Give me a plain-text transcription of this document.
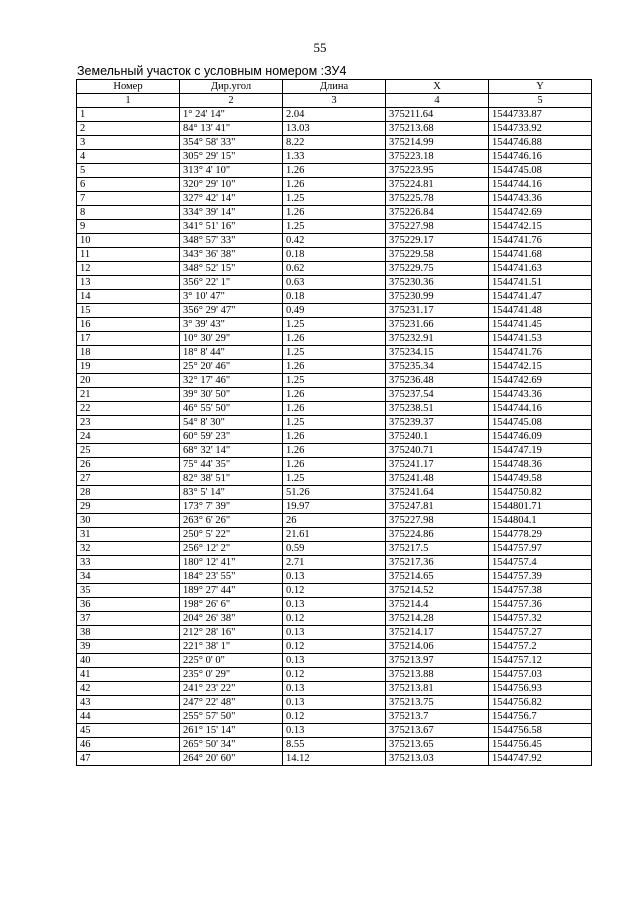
55
Земельный участок с условным номером :ЗУ4
Номер	Дир.угол	Длина	X	Y
1	2	3	4	5
1	1° 24' 14"	2.04	375211.64	1544733.87
2	84° 13' 41"	13.03	375213.68	1544733.92
3	354° 58' 33"	8.22	375214.99	1544746.88
4	305° 29' 15"	1.33	375223.18	1544746.16
5	313° 4' 10"	1.26	375223.95	1544745.08
6	320° 29' 10"	1.26	375224.81	1544744.16
7	327° 42' 14"	1.25	375225.78	1544743.36
8	334° 39' 14"	1.26	375226.84	1544742.69
9	341° 51' 16"	1.25	375227.98	1544742.15
10	348° 57' 33"	0.42	375229.17	1544741.76
11	343° 36' 38"	0.18	375229.58	1544741.68
12	348° 52' 15"	0.62	375229.75	1544741.63
13	356° 22' 1"	0.63	375230.36	1544741.51
14	3° 10' 47"	0.18	375230.99	1544741.47
15	356° 29' 47"	0.49	375231.17	1544741.48
16	3° 39' 43"	1.25	375231.66	1544741.45
17	10° 30' 29"	1.26	375232.91	1544741.53
18	18° 8' 44"	1.25	375234.15	1544741.76
19	25° 20' 46"	1.26	375235.34	1544742.15
20	32° 17' 46"	1.25	375236.48	1544742.69
21	39° 30' 50"	1.26	375237.54	1544743.36
22	46° 55' 50"	1.26	375238.51	1544744.16
23	54° 8' 30"	1.25	375239.37	1544745.08
24	60° 59' 23"	1.26	375240.1	1544746.09
25	68° 32' 14"	1.26	375240.71	1544747.19
26	75° 44' 35"	1.26	375241.17	1544748.36
27	82° 38' 51"	1.25	375241.48	1544749.58
28	83° 5' 14"	51.26	375241.64	1544750.82
29	173° 7' 39"	19.97	375247.81	1544801.71
30	263° 6' 26"	26	375227.98	1544804.1
31	250° 5' 22"	21.61	375224.86	1544778.29
32	256° 12' 2"	0.59	375217.5	1544757.97
33	180° 12' 41"	2.71	375217.36	1544757.4
34	184° 23' 55"	0.13	375214.65	1544757.39
35	189° 27' 44"	0.12	375214.52	1544757.38
36	198° 26' 6"	0.13	375214.4	1544757.36
37	204° 26' 38"	0.12	375214.28	1544757.32
38	212° 28' 16"	0.13	375214.17	1544757.27
39	221° 38' 1"	0.12	375214.06	1544757.2
40	225° 0' 0"	0.13	375213.97	1544757.12
41	235° 0' 29"	0.12	375213.88	1544757.03
42	241° 23' 22"	0.13	375213.81	1544756.93
43	247° 22' 48"	0.13	375213.75	1544756.82
44	255° 57' 50"	0.12	375213.7	1544756.7
45	261° 15' 14"	0.13	375213.67	1544756.58
46	265° 50' 34"	8.55	375213.65	1544756.45
47	264° 20' 60"	14.12	375213.03	1544747.92
